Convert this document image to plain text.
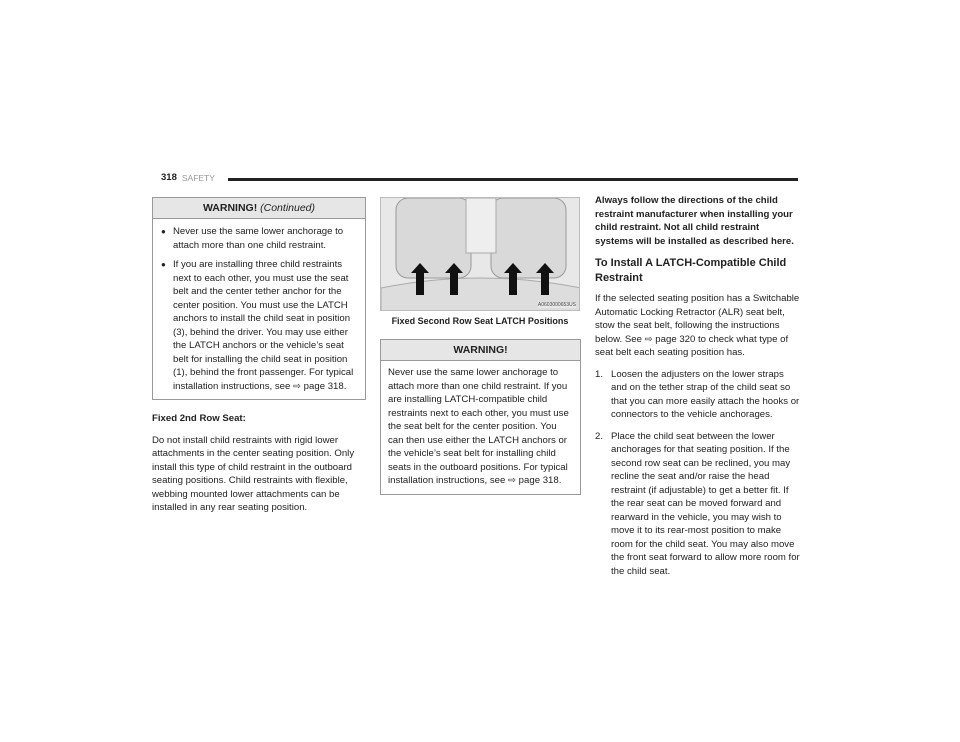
318 SAFETY
WARNING! (Continued)
● Never use the same lower anchorage to attach more than one child restraint.
● If you are installing three child restraints next to each other, you must use the seat belt and the center tether anchor for the center position. You must use the LATCH anchors to install the child seat in position (3), behind the driver. You may use either the LATCH anchors or the vehicle’s seat belt for installing the child seat in position (1), behind the front passenger. For typical installation instructions, see ⇨ page 318.

Fixed 2nd Row Seat:

Do not install child restraints with rigid lower attachments in the center seating position. Only install this type of child restraint in the outboard seating positions. Child restraints with flexible, webbing mounted lower attachments can be installed in any rear seating position.

A0603000653US
Fixed Second Row Seat LATCH Positions
WARNING!
Never use the same lower anchorage to attach more than one child restraint. If you are installing LATCH-compatible child restraints next to each other, you must use the seat belt for the center position. You can then use either the LATCH anchors or the vehicle’s seat belt for installing child seats in the outboard positions. For typical installation instructions, see ⇨ page 318.

Always follow the directions of the child restraint manufacturer when installing your child restraint. Not all child restraint systems will be installed as described here.

To Install A LATCH-Compatible Child Restraint

If the selected seating position has a Switchable Automatic Locking Retractor (ALR) seat belt, stow the seat belt, following the instructions below. See ⇨ page 320 to check what type of seat belt each seating position has.

1. Loosen the adjusters on the lower straps and on the tether strap of the child seat so that you can more easily attach the hooks or connectors to the vehicle anchorages.
2. Place the child seat between the lower anchorages for that seating position. If the second row seat can be reclined, you may recline the seat and/or raise the head restraint (if adjustable) to get a better fit. If the rear seat can be moved forward and rearward in the vehicle, you may wish to move it to its rear-most position to make room for the child seat. You may also move the front seat forward to allow more room for the child seat.
